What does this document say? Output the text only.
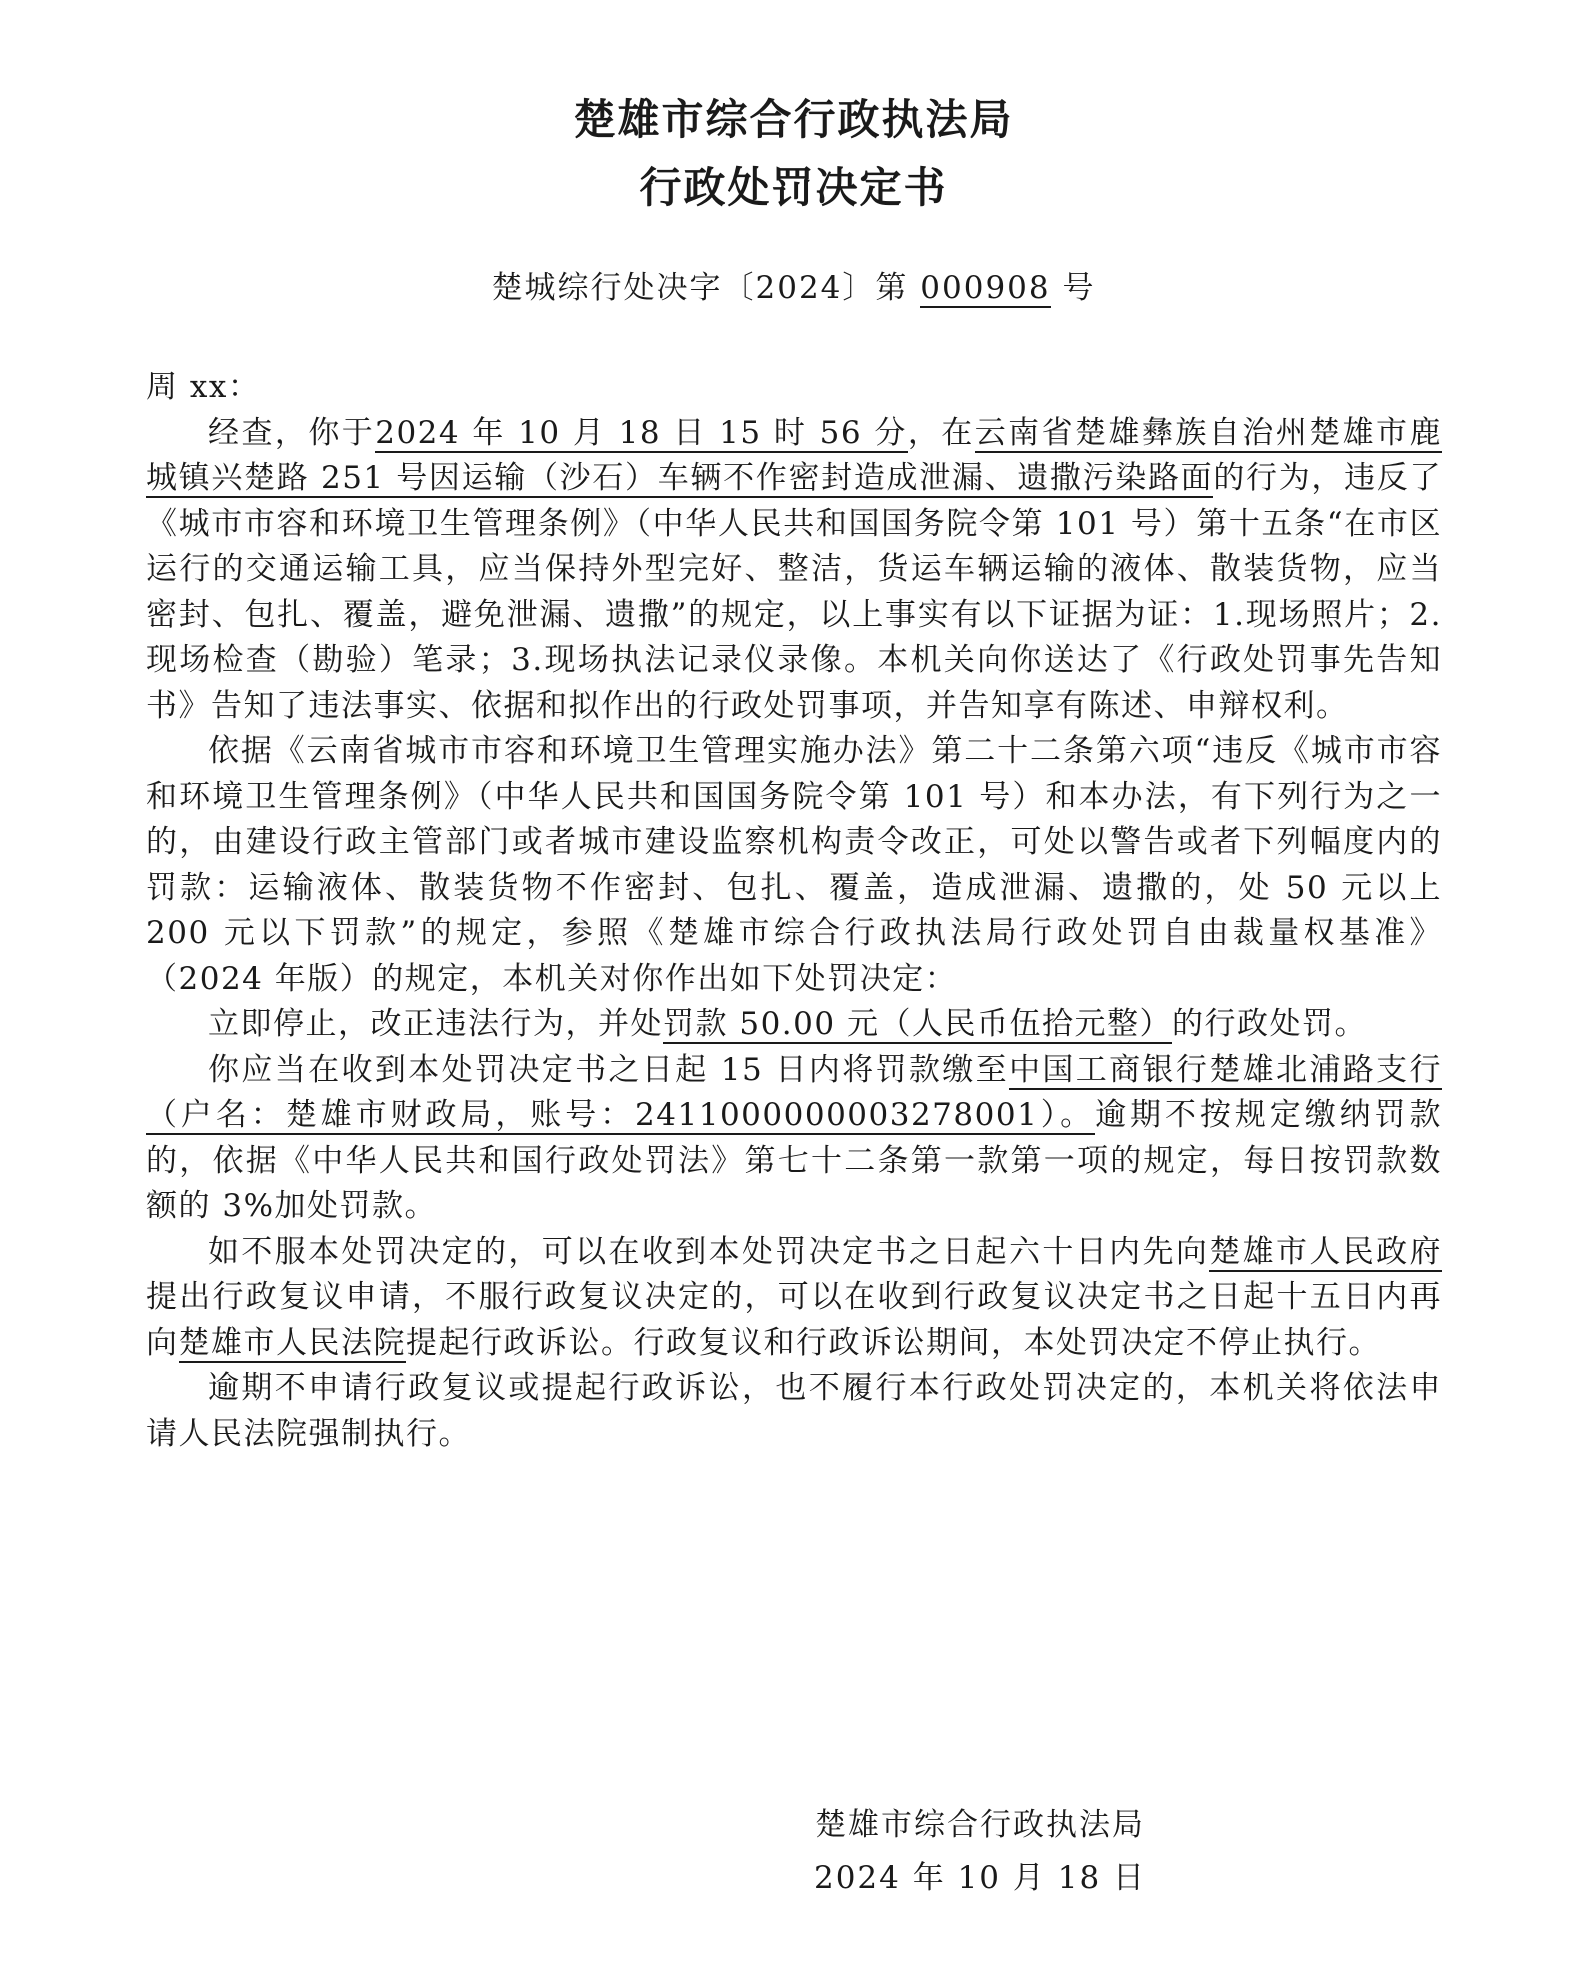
楚雄市综合行政执法局
行政处罚决定书
楚城综行处决字〔2024〕第 000908 号

周 xx：

经查，你于2024 年 10 月 18 日 15 时 56 分，在云南省楚雄彝族自治州楚雄市鹿城镇兴楚路 251 号因运输（沙石）车辆不作密封造成泄漏、遗撒污染路面的行为，违反了《城市市容和环境卫生管理条例》（中华人民共和国国务院令第 101 号）第十五条“在市区运行的交通运输工具，应当保持外型完好、整洁，货运车辆运输的液体、散装货物，应当密封、包扎、覆盖，避免泄漏、遗撒”的规定，以上事实有以下证据为证：1.现场照片；2.现场检查（勘验）笔录；3.现场执法记录仪录像。本机关向你送达了《行政处罚事先告知书》告知了违法事实、依据和拟作出的行政处罚事项，并告知享有陈述、申辩权利。

依据《云南省城市市容和环境卫生管理实施办法》第二十二条第六项“违反《城市市容和环境卫生管理条例》（中华人民共和国国务院令第 101 号）和本办法，有下列行为之一的，由建设行政主管部门或者城市建设监察机构责令改正，可处以警告或者下列幅度内的罚款：运输液体、散装货物不作密封、包扎、覆盖，造成泄漏、遗撒的，处 50 元以上 200 元以下罚款”的规定，参照《楚雄市综合行政执法局行政处罚自由裁量权基准》（2024 年版）的规定，本机关对你作出如下处罚决定：

立即停止，改正违法行为，并处罚款 50.00 元（人民币伍拾元整）的行政处罚。

你应当在收到本处罚决定书之日起 15 日内将罚款缴至中国工商银行楚雄北浦路支行（户名：楚雄市财政局，账号：2411000000003278001）。逾期不按规定缴纳罚款的，依据《中华人民共和国行政处罚法》第七十二条第一款第一项的规定，每日按罚款数额的 3%加处罚款。

如不服本处罚决定的，可以在收到本处罚决定书之日起六十日内先向楚雄市人民政府提出行政复议申请，不服行政复议决定的，可以在收到行政复议决定书之日起十五日内再向楚雄市人民法院提起行政诉讼。行政复议和行政诉讼期间，本处罚决定不停止执行。

逾期不申请行政复议或提起行政诉讼，也不履行本行政处罚决定的，本机关将依法申请人民法院强制执行。

楚雄市综合行政执法局
2024 年 10 月 18 日
